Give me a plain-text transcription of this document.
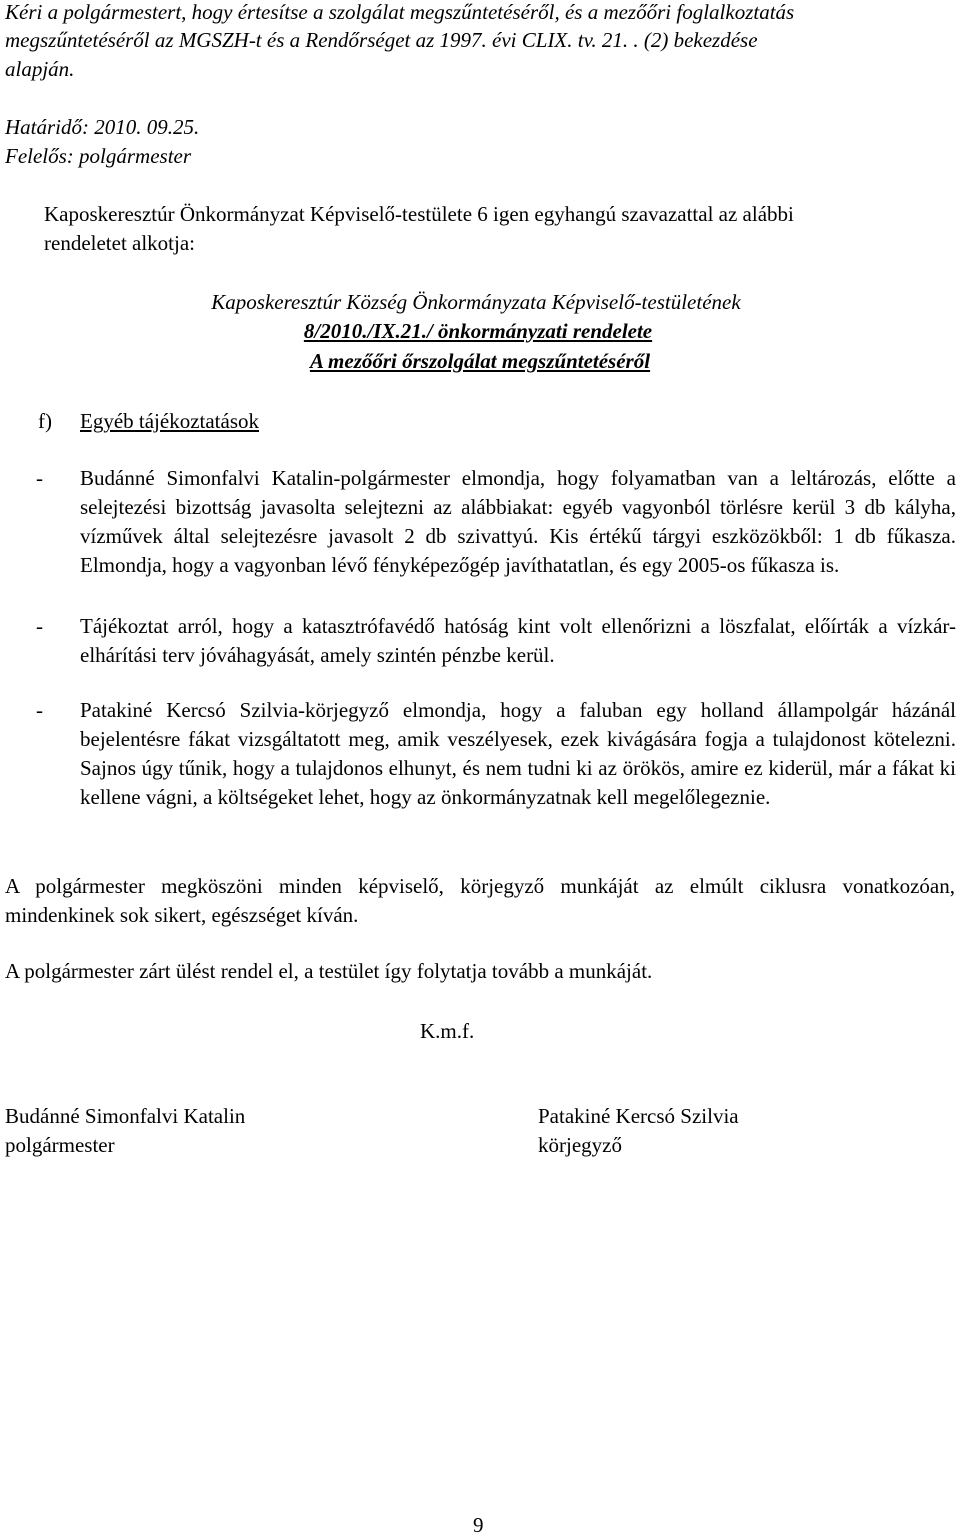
Kéri a polgármestert, hogy értesítse a szolgálat megszűntetéséről, és a mezőőri foglalkoztatás
megszűntetéséről az MGSZH-t és a Rendőrséget az 1997. évi CLIX. tv. 21. . (2) bekezdése
alapján.
Határidő: 2010. 09.25.
Felelős: polgármester
Kaposkeresztúr Önkormányzat Képviselő-testülete 6 igen egyhangú szavazattal az alábbi
rendeletet alkotja:
Kaposkeresztúr Község Önkormányzata Képviselő-testületének
8/2010./IX.21./ önkormányzati rendelete
A mezőőri őrszolgálat megszűntetéséről
f) Egyéb tájékoztatások
- Budánné Simonfalvi Katalin-polgármester elmondja, hogy folyamatban van a leltározás, előtte a selejtezési bizottság javasolta selejtezni az alábbiakat: egyéb vagyonból törlésre kerül 3 db kályha, vízművek által selejtezésre javasolt 2 db szivattyú. Kis értékű tárgyi eszközökből: 1 db fűkasza. Elmondja, hogy a vagyonban lévő fényképezőgép javíthatatlan, és egy 2005-os fűkasza is.
- Tájékoztat arról, hogy a katasztrófavédő hatóság kint volt ellenőrizni a löszfalat, előírták a vízkár-elhárítási terv jóváhagyását, amely szintén pénzbe kerül.
- Patakiné Kercsó Szilvia-körjegyző elmondja, hogy a faluban egy holland állampolgár házánál bejelentésre fákat vizsgáltatott meg, amik veszélyesek, ezek kivágására fogja a tulajdonost kötelezni. Sajnos úgy tűnik, hogy a tulajdonos elhunyt, és nem tudni ki az örökös, amire ez kiderül, már a fákat ki kellene vágni, a költségeket lehet, hogy az önkormányzatnak kell megelőlegeznie.
A polgármester megköszöni minden képviselő, körjegyző munkáját az elmúlt ciklusra vonatkozóan, mindenkinek sok sikert, egészséget kíván.
A polgármester zárt ülést rendel el, a testület így folytatja tovább a munkáját.
K.m.f.
Budánné Simonfalvi Katalin
polgármester
Patakiné Kercsó Szilvia
körjegyző
9
